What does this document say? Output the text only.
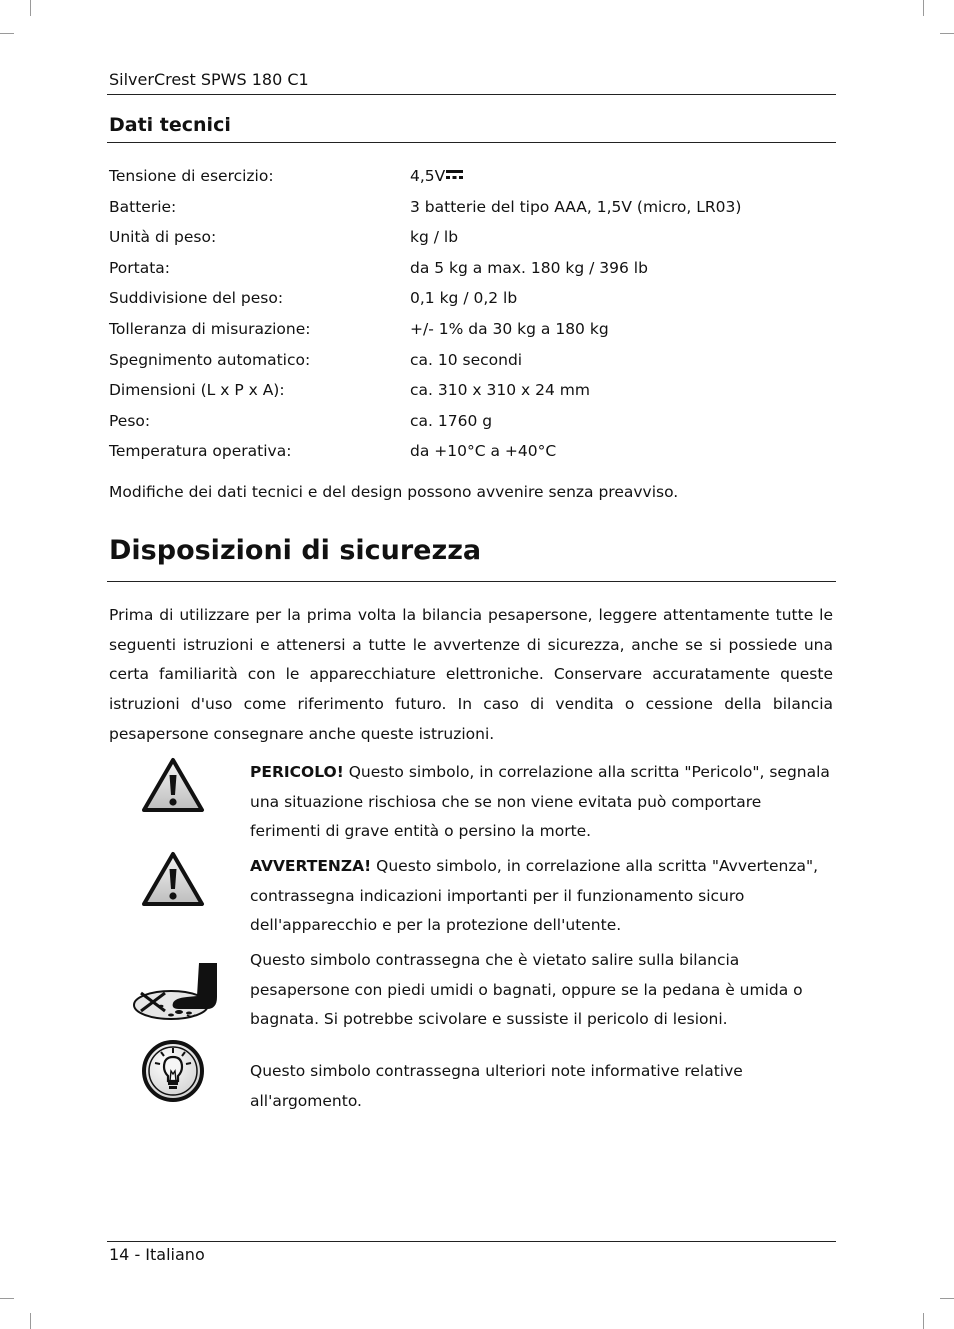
SilverCrest SPWS 180 C1
Dati tecnici
Tensione di esercizio:	4,5V
Batterie:	3 batterie del tipo AAA, 1,5V (micro, LR03)
Unità di peso:	kg / lb
Portata:	da 5 kg a max. 180 kg / 396 lb
Suddivisione del peso:	0,1 kg / 0,2 lb
Tolleranza di misurazione:	+/- 1% da 30 kg a 180 kg
Spegnimento automatico:	ca. 10 secondi
Dimensioni (L x P x A):	ca. 310 x 310 x 24 mm
Peso:	ca. 1760 g
Temperatura operativa:	da +10°C a +40°C
Modifiche dei dati tecnici e del design possono avvenire senza preavviso.
Disposizioni di sicurezza
Prima di utilizzare per la prima volta la bilancia pesapersone, leggere attentamente tutte le seguenti istruzioni e attenersi a tutte le avvertenze di sicurezza, anche se si possiede una certa familiarità con le apparecchiature elettroniche. Conservare accuratamente queste istruzioni d'uso come riferimento futuro. In caso di vendita o cessione della bilancia pesapersone consegnare anche queste istruzioni.
PERICOLO! Questo simbolo, in correlazione alla scritta "Pericolo", segnala una situazione rischiosa che se non viene evitata può comportare ferimenti di grave entità o persino la morte.
AVVERTENZA! Questo simbolo, in correlazione alla scritta "Avvertenza", contrassegna indicazioni importanti per il funzionamento sicuro dell'apparecchio e per la protezione dell'utente.
Questo simbolo contrassegna che è vietato salire sulla bilancia pesapersone con piedi umidi o bagnati, oppure se la pedana è umida o bagnata. Si potrebbe scivolare e sussiste il pericolo di lesioni.
Questo simbolo contrassegna ulteriori note informative relative all'argomento.
14 - Italiano
